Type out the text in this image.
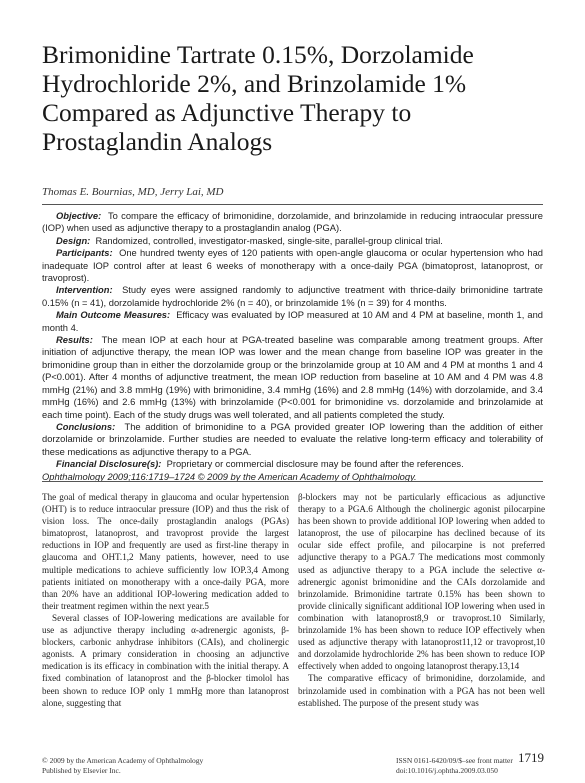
Brimonidine Tartrate 0.15%, Dorzolamide Hydrochloride 2%, and Brinzolamide 1% Compared as Adjunctive Therapy to Prostaglandin Analogs
Thomas E. Bournias, MD, Jerry Lai, MD

Objective: To compare the efficacy of brimonidine, dorzolamide, and brinzolamide in reducing intraocular pressure (IOP) when used as adjunctive therapy to a prostaglandin analog (PGA).

Design: Randomized, controlled, investigator-masked, single-site, parallel-group clinical trial.

Participants: One hundred twenty eyes of 120 patients with open-angle glaucoma or ocular hypertension who had inadequate IOP control after at least 6 weeks of monotherapy with a once-daily PGA (bimatoprost, latanoprost, or travoprost).

Intervention: Study eyes were assigned randomly to adjunctive treatment with thrice-daily brimonidine tartrate 0.15% (n = 41), dorzolamide hydrochloride 2% (n = 40), or brinzolamide 1% (n = 39) for 4 months.

Main Outcome Measures: Efficacy was evaluated by IOP measured at 10 AM and 4 PM at baseline, month 1, and month 4.

Results: The mean IOP at each hour at PGA-treated baseline was comparable among treatment groups. After initiation of adjunctive therapy, the mean IOP was lower and the mean change from baseline IOP was greater in the brimonidine group than in either the dorzolamide group or the brinzolamide group at 10 AM and 4 PM at months 1 and 4 (P<0.001). After 4 months of adjunctive treatment, the mean IOP reduction from baseline at 10 AM and 4 PM was 4.8 mmHg (21%) and 3.8 mmHg (19%) with brimonidine, 3.4 mmHg (16%) and 2.8 mmHg (14%) with dorzolamide, and 3.4 mmHg (16%) and 2.6 mmHg (13%) with brinzolamide (P<0.001 for brimonidine vs. dorzolamide and brinzolamide at each time point). Each of the study drugs was well tolerated, and all patients completed the study.

Conclusions: The addition of brimonidine to a PGA provided greater IOP lowering than the addition of either dorzolamide or brinzolamide. Further studies are needed to evaluate the relative long-term efficacy and tolerability of these medications as adjunctive therapy to a PGA.

Financial Disclosure(s): Proprietary or commercial disclosure may be found after the references.

Ophthalmology 2009;116:1719–1724 © 2009 by the American Academy of Ophthalmology.

The goal of medical therapy in glaucoma and ocular hypertension (OHT) is to reduce intraocular pressure (IOP) and thus the risk of vision loss. The once-daily prostaglandin analogs (PGAs) bimatoprost, latanoprost, and travoprost provide the largest reductions in IOP and frequently are used as first-line therapy in glaucoma and OHT.1,2 Many patients, however, need to use multiple medications to achieve sufficiently low IOP.3,4 Among patients initiated on monotherapy with a once-daily PGA, more than 20% have an additional IOP-lowering medication added to their treatment regimen within the next year.5

Several classes of IOP-lowering medications are available for use as adjunctive therapy including α-adrenergic agonists, β-blockers, carbonic anhydrase inhibitors (CAIs), and cholinergic agonists. A primary consideration in choosing an adjunctive medication is its efficacy in combination with the initial therapy. A fixed combination of latanoprost and the β-blocker timolol has been shown to reduce IOP only 1 mmHg more than latanoprost alone, suggesting that

β-blockers may not be particularly efficacious as adjunctive therapy to a PGA.6 Although the cholinergic agonist pilocarpine has been shown to provide additional IOP lowering when added to latanoprost, the use of pilocarpine has declined because of its ocular side effect profile, and pilocarpine is not preferred adjunctive therapy to a PGA.7 The medications most commonly used as adjunctive therapy to a PGA include the selective α-adrenergic agonist brimonidine and the CAIs dorzolamide and brinzolamide. Brimonidine tartrate 0.15% has been shown to provide clinically significant additional IOP lowering when used in combination with latanoprost8,9 or travoprost.10 Similarly, brinzolamide 1% has been shown to reduce IOP effectively when used as adjunctive therapy with latanoprost11,12 or travoprost,10 and dorzolamide hydrochloride 2% has been shown to reduce IOP effectively when added to ongoing latanoprost therapy.13,14

The comparative efficacy of brimonidine, dorzolamide, and brinzolamide used in combination with a PGA has not been well established. The purpose of the present study was

© 2009 by the American Academy of Ophthalmology
Published by Elsevier Inc.
ISSN 0161-6420/09/$–see front matter
doi:10.1016/j.ophtha.2009.03.050
1719
